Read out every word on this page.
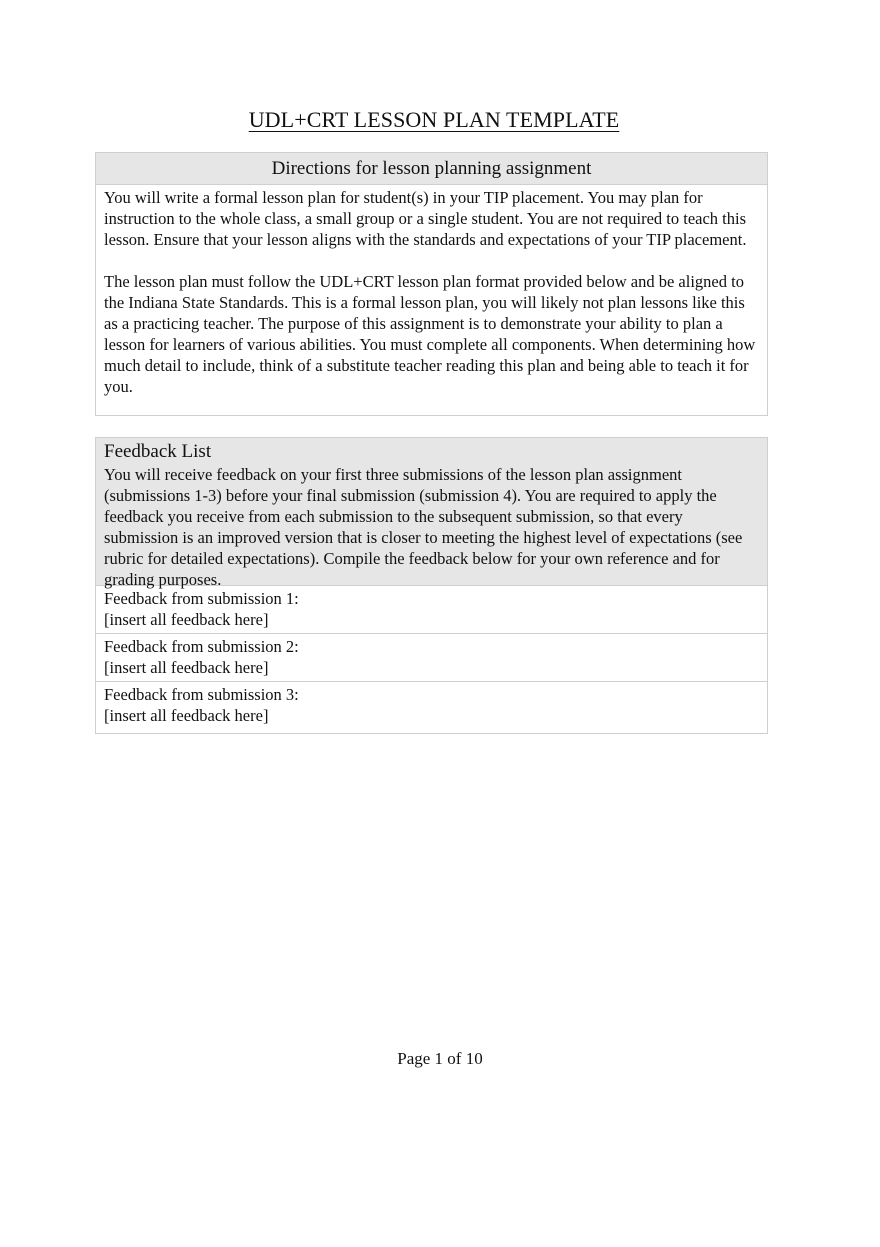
UDL+CRT LESSON PLAN TEMPLATE
Directions for lesson planning assignment
You will write a formal lesson plan for student(s) in your TIP placement. You may plan for instruction to the whole class, a small group or a single student. You are not required to teach this lesson. Ensure that your lesson aligns with the standards and expectations of your TIP placement.
The lesson plan must follow the UDL+CRT lesson plan format provided below and be aligned to the Indiana State Standards. This is a formal lesson plan, you will likely not plan lessons like this as a practicing teacher. The purpose of this assignment is to demonstrate your ability to plan a lesson for learners of various abilities. You must complete all components. When determining how much detail to include, think of a substitute teacher reading this plan and being able to teach it for you.
Feedback List
You will receive feedback on your first three submissions of the lesson plan assignment (submissions 1-3) before your final submission (submission 4). You are required to apply the feedback you receive from each submission to the subsequent submission, so that every submission is an improved version that is closer to meeting the highest level of expectations (see rubric for detailed expectations). Compile the feedback below for your own reference and for grading purposes.
Feedback from submission 1:
[insert all feedback here]
Feedback from submission 2:
[insert all feedback here]
Feedback from submission 3:
[insert all feedback here]
Page 1 of 10
